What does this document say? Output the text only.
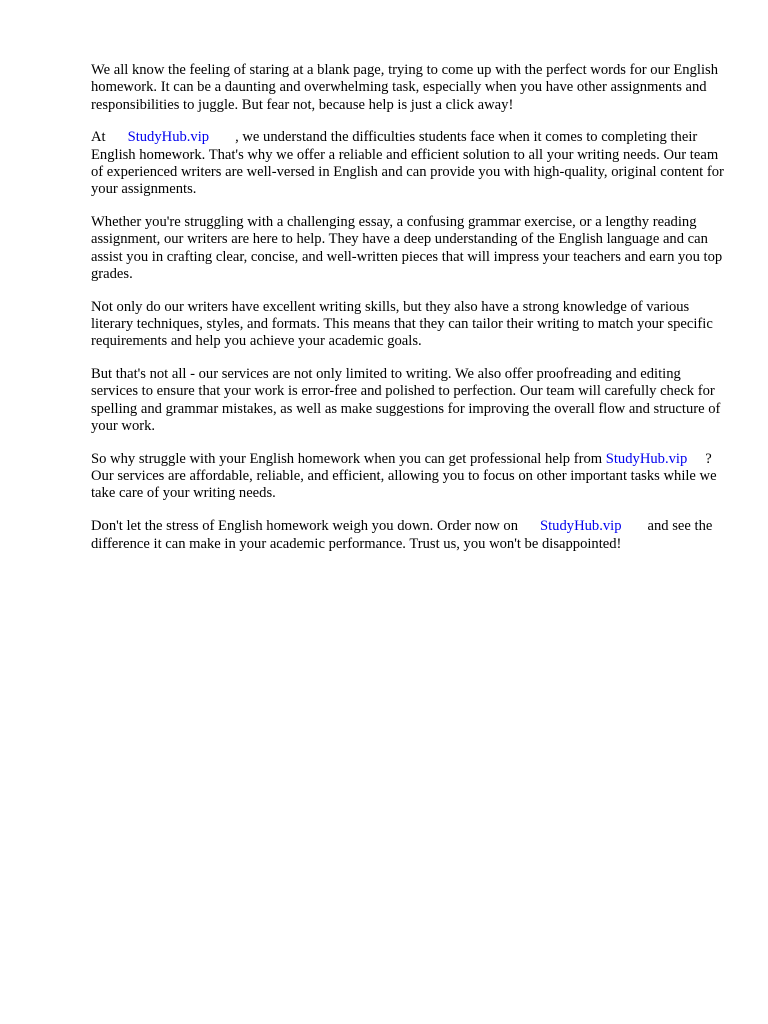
We all know the feeling of staring at a blank page, trying to come up with the perfect words for our English homework. It can be a daunting and overwhelming task, especially when you have other assignments and responsibilities to juggle. But fear not, because help is just a click away!

At StudyHub.vip , we understand the difficulties students face when it comes to completing their English homework. That's why we offer a reliable and efficient solution to all your writing needs. Our team of experienced writers are well-versed in English and can provide you with high-quality, original content for your assignments.

Whether you're struggling with a challenging essay, a confusing grammar exercise, or a lengthy reading assignment, our writers are here to help. They have a deep understanding of the English language and can assist you in crafting clear, concise, and well-written pieces that will impress your teachers and earn you top grades.

Not only do our writers have excellent writing skills, but they also have a strong knowledge of various literary techniques, styles, and formats. This means that they can tailor their writing to match your specific requirements and help you achieve your academic goals.

But that's not all - our services are not only limited to writing. We also offer proofreading and editing services to ensure that your work is error-free and polished to perfection. Our team will carefully check for spelling and grammar mistakes, as well as make suggestions for improving the overall flow and structure of your work.

So why struggle with your English homework when you can get professional help from StudyHub.vip ? Our services are affordable, reliable, and efficient, allowing you to focus on other important tasks while we take care of your writing needs.

Don't let the stress of English homework weigh you down. Order now on StudyHub.vip and see the difference it can make in your academic performance. Trust us, you won't be disappointed!
